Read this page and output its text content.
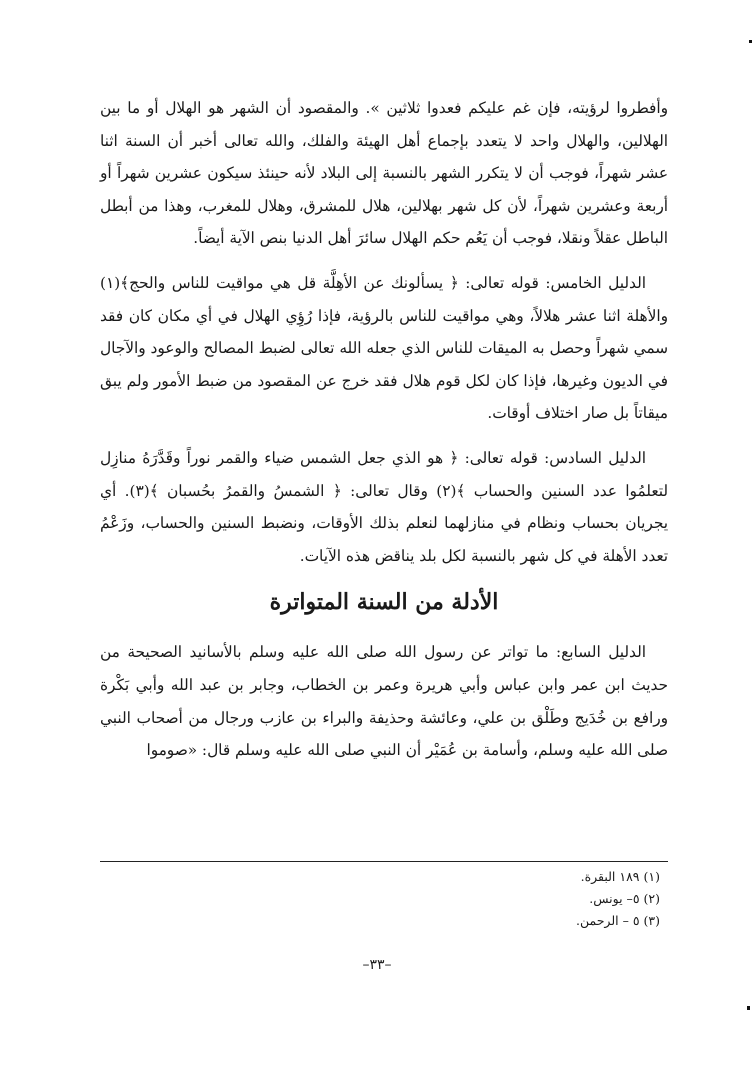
وأفطروا لرؤيته، فإن غم عليكم فعدوا ثلاثين ». والمقصود أن الشهر هو الهلال أو ما بين الهلالين، والهلال واحد لا يتعدد بإجماع أهل الهيئة والفلك، والله تعالى أخبر أن السنة اثنا عشر شهراً، فوجب أن لا يتكرر الشهر بالنسبة إلى البلاد لأنه حينئذ سيكون عشرين شهراً أو أربعة وعشرين شهراً، لأن كل شهر بهلالين، هلال للمشرق، وهلال للمغرب، وهذا من أبطل الباطل عقلاً ونقلا، فوجب أن يَعُم حكم الهلال سائرَ أهل الدنيا بنص الآية أيضاً.

الدليل الخامس: قوله تعالى: ﴿ يسألونك عن الأهِلَّة قل هي مواقيت للناس والحج﴾(١) والأهلة اثنا عشر هلالاً، وهي مواقيت للناس بالرؤية، فإذا رُؤِي الهلال في أي مكان كان فقد سمي شهراً وحصل به الميقات للناس الذي جعله الله تعالى لضبط المصالح والوعود والآجال في الديون وغيرها، فإذا كان لكل قوم هلال فقد خرج عن المقصود من ضبط الأمور ولم يبق ميقاتاً بل صار اختلاف أوقات.

الدليل السادس: قوله تعالى: ﴿ هو الذي جعل الشمس ضياء والقمر نوراً وقَدَّرَهُ منازِل لتعلمُوا عدد السنين والحساب ﴾(٢) وقال تعالى: ﴿ الشمسُ والقمرُ بحُسبان ﴾(٣). أي يجريان بحساب ونظام في منازلهما لنعلم بذلك الأوقات، ونضبط السنين والحساب، وزَعْمُ تعدد الأهلة في كل شهر بالنسبة لكل بلد يناقض هذه الآيات.

الأدلة من السنة المتواترة

الدليل السابع: ما تواتر عن رسول الله صلى الله عليه وسلم بالأسانيد الصحيحة من حديث ابن عمر وابن عباس وأبي هريرة وعمر بن الخطاب، وجابر بن عبد الله وأبي بَكْرة ورافع بن خُدَيج وطَلْق بن علي، وعائشة وحذيفة والبراء بن عازب ورجال من أصحاب النبي صلى الله عليه وسلم، وأسامة بن عُمَيْر أن النبي صلى الله عليه وسلم قال: «صوموا

(١) ١٨٩ البقرة.
(٢) ٥– يونس.
(٣) ٥ – الرحمن.
–٣٣–
